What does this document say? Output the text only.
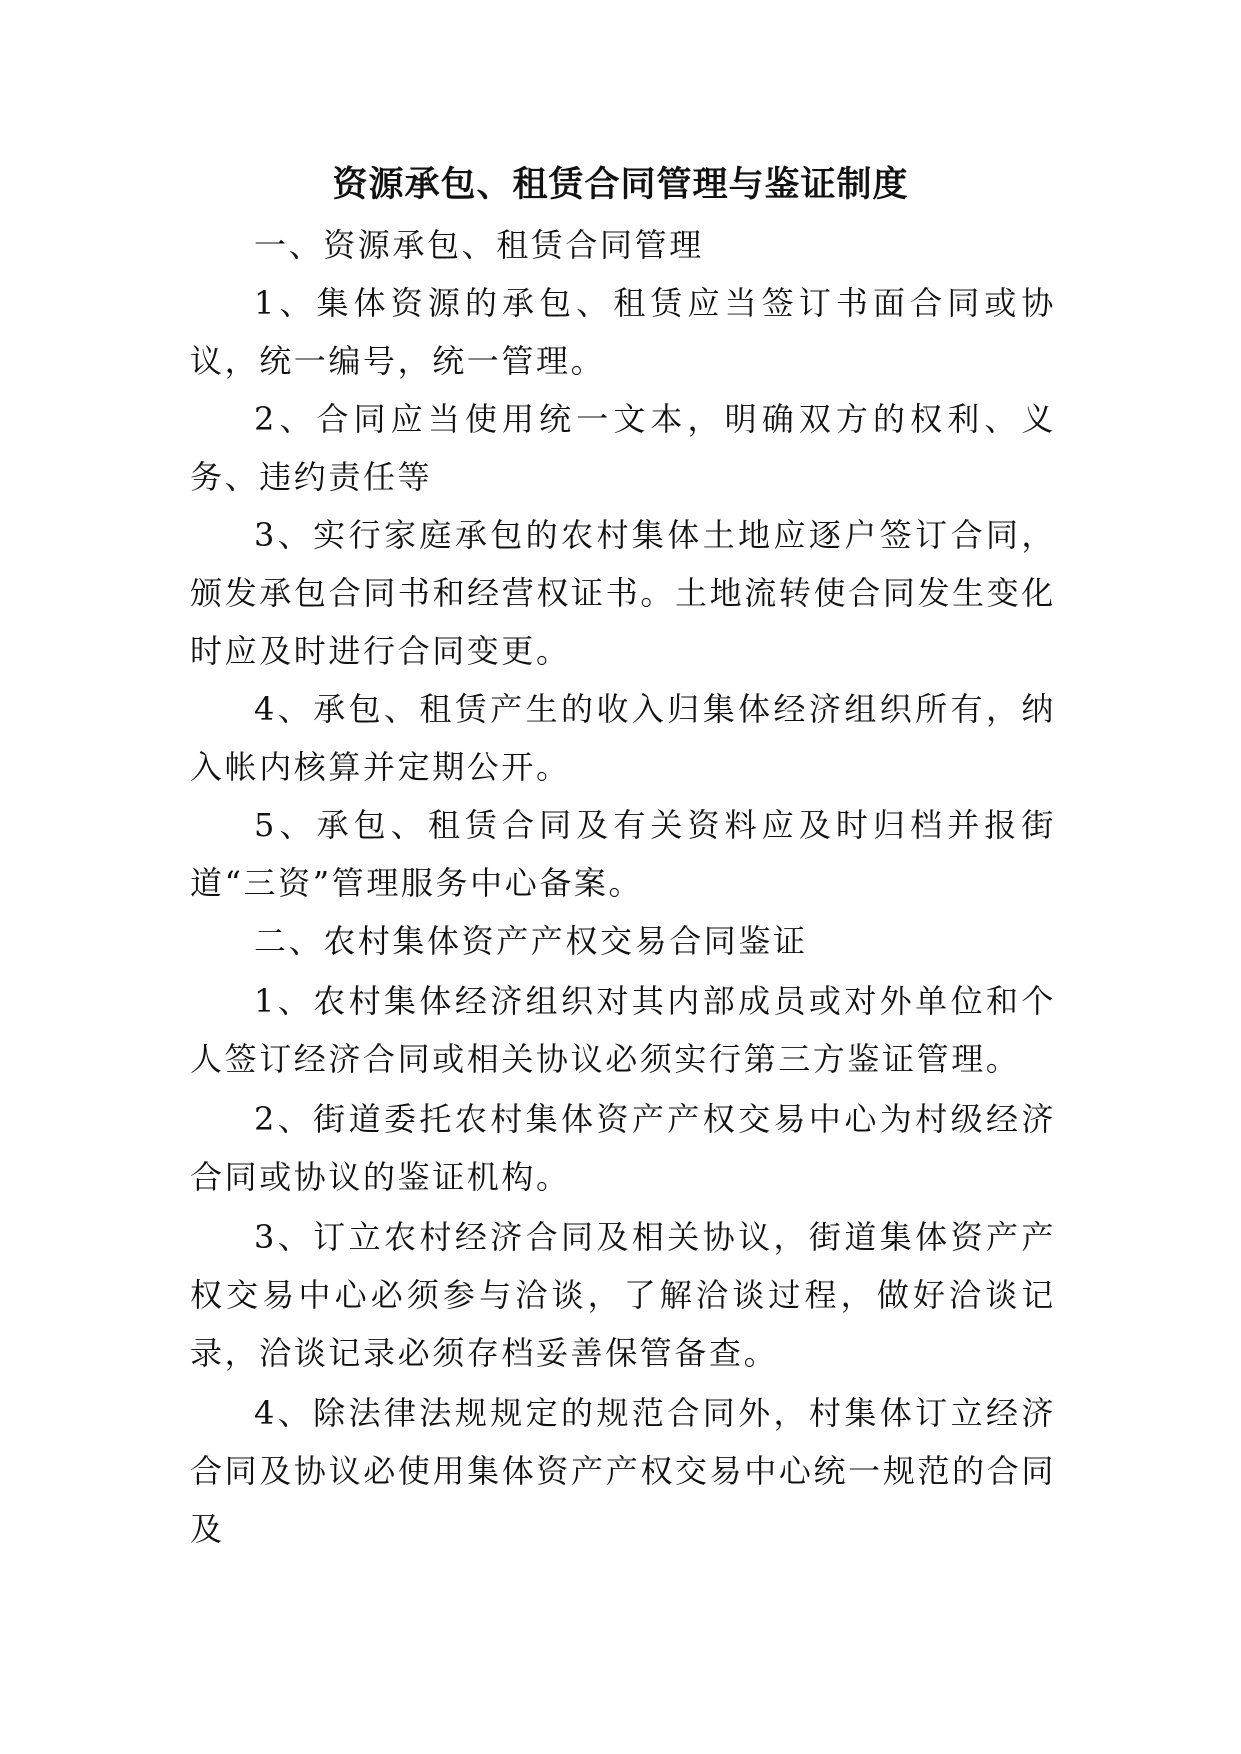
资源承包、租赁合同管理与鉴证制度

一、资源承包、租赁合同管理

1、集体资源的承包、租赁应当签订书面合同或协议，统一编号，统一管理。

2、合同应当使用统一文本，明确双方的权利、义务、违约责任等

3、实行家庭承包的农村集体土地应逐户签订合同，颁发承包合同书和经营权证书。土地流转使合同发生变化时应及时进行合同变更。

4、承包、租赁产生的收入归集体经济组织所有，纳入帐内核算并定期公开。

5、承包、租赁合同及有关资料应及时归档并报街道“三资”管理服务中心备案。

二、农村集体资产产权交易合同鉴证

1、农村集体经济组织对其内部成员或对外单位和个人签订经济合同或相关协议必须实行第三方鉴证管理。

2、街道委托农村集体资产产权交易中心为村级经济合同或协议的鉴证机构。

3、订立农村经济合同及相关协议，街道集体资产产权交易中心必须参与洽谈，了解洽谈过程，做好洽谈记录，洽谈记录必须存档妥善保管备查。

4、除法律法规规定的规范合同外，村集体订立经济合同及协议必使用集体资产产权交易中心统一规范的合同及
